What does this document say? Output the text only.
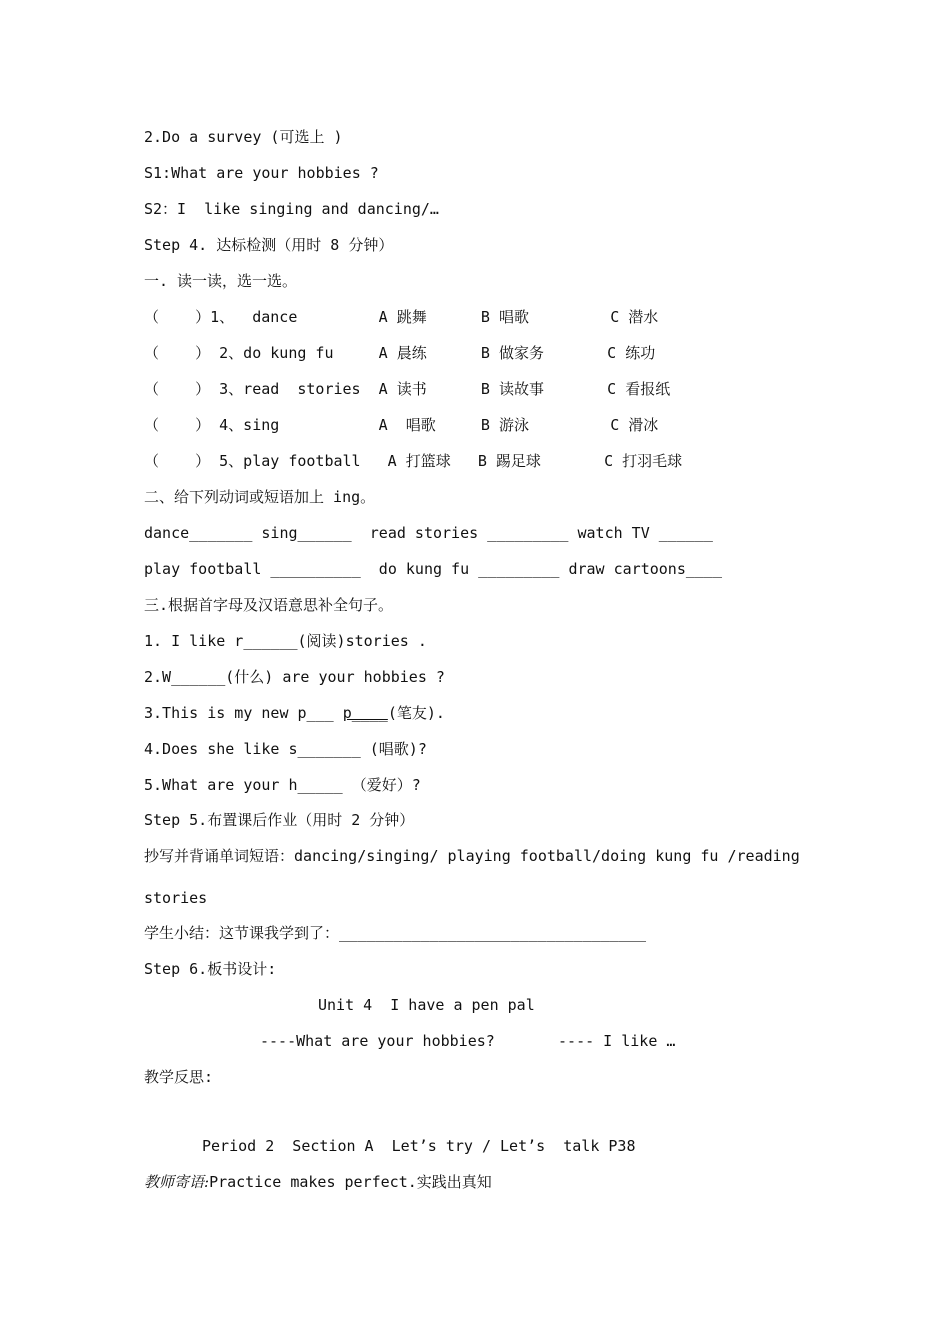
2.Do a survey (可选上 )
S1:What are your hobbies ?
S2：I  like singing and dancing/…
Step 4. 达标检测（用时 8 分钟）
一. 读一读，选一选。
（    ）1、  dance         A 跳舞      B 唱歌         C 潜水
（    ） 2、do kung fu     A 晨练      B 做家务       C 练功
（    ） 3、read  stories  A 读书      B 读故事       C 看报纸
（    ） 4、sing           A  唱歌     B 游泳         C 滑冰
（    ） 5、play football   A 打篮球   B 踢足球       C 打羽毛球
二、给下列动词或短语加上 ing。
dance_______ sing______  read stories _________ watch TV ______
play football __________  do kung fu _________ draw cartoons____
三.根据首字母及汉语意思补全句子。
1. I like r______(阅读)stories .
2.W______(什么) are your hobbies ?
3.This is my new p___ p____(笔友).
4.Does she like s_______ (唱歌)?
5.What are your h_____ （爱好）?
Step 5.布置课后作业（用时 2 分钟）
抄写并背诵单词短语：dancing/singing/ playing football/doing kung fu /reading
stories
学生小结：这节课我学到了：__________________________________
Step 6.板书设计:
Unit 4  I have a pen pal
----What are your hobbies?       ---- I like …
教学反思:
Period 2  Section A  Let’s try / Let’s  talk P38
教师寄语:Practice makes perfect.实践出真知
